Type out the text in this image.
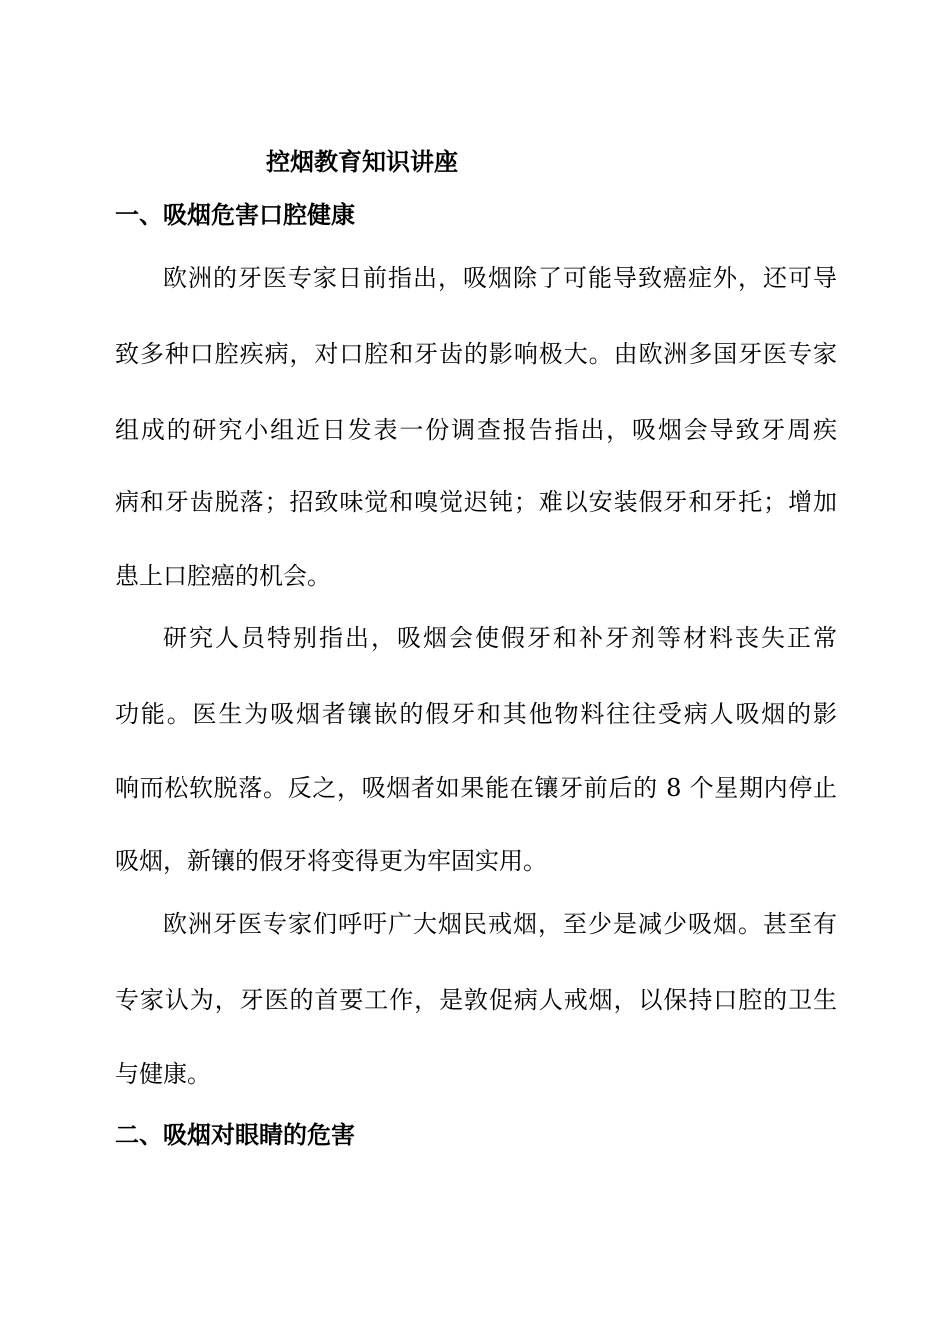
控烟教育知识讲座
一、吸烟危害口腔健康
欧洲的牙医专家日前指出，吸烟除了可能导致癌症外，还可导
致多种口腔疾病，对口腔和牙齿的影响极大。由欧洲多国牙医专家
组成的研究小组近日发表一份调查报告指出，吸烟会导致牙周疾
病和牙齿脱落；招致味觉和嗅觉迟钝；难以安装假牙和牙托；增加
患上口腔癌的机会。
研究人员特别指出，吸烟会使假牙和补牙剂等材料丧失正常
功能。医生为吸烟者镶嵌的假牙和其他物料往往受病人吸烟的影
响而松软脱落。反之，吸烟者如果能在镶牙前后的 8 个星期内停止
吸烟，新镶的假牙将变得更为牢固实用。
欧洲牙医专家们呼吁广大烟民戒烟，至少是减少吸烟。甚至有
专家认为，牙医的首要工作，是敦促病人戒烟，以保持口腔的卫生
与健康。
二、吸烟对眼睛的危害
